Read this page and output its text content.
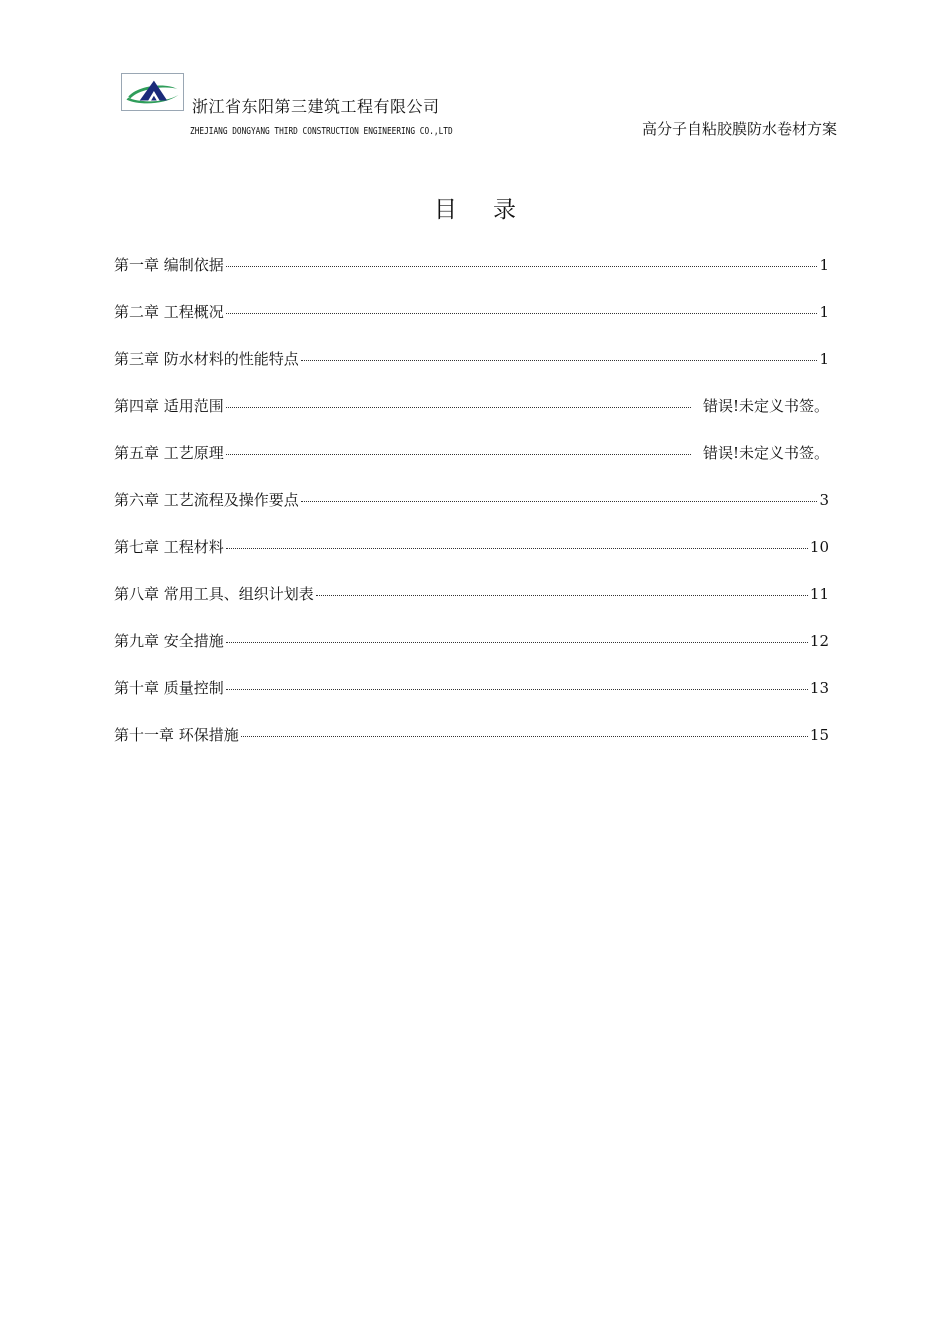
浙江省东阳第三建筑工程有限公司
ZHEJIANG DONGYANG THIRD CONSTRUCTION ENGINEERING CO.,LTD	高分子自粘胶膜防水卷材方案
目录
第一章 编制依据	1
第二章 工程概况	1
第三章 防水材料的性能特点	1
第四章 适用范围	错误!未定义书签。
第五章 工艺原理	错误!未定义书签。
第六章 工艺流程及操作要点	3
第七章 工程材料	10
第八章 常用工具、组织计划表	11
第九章 安全措施	12
第十章 质量控制	13
第十一章 环保措施	15
